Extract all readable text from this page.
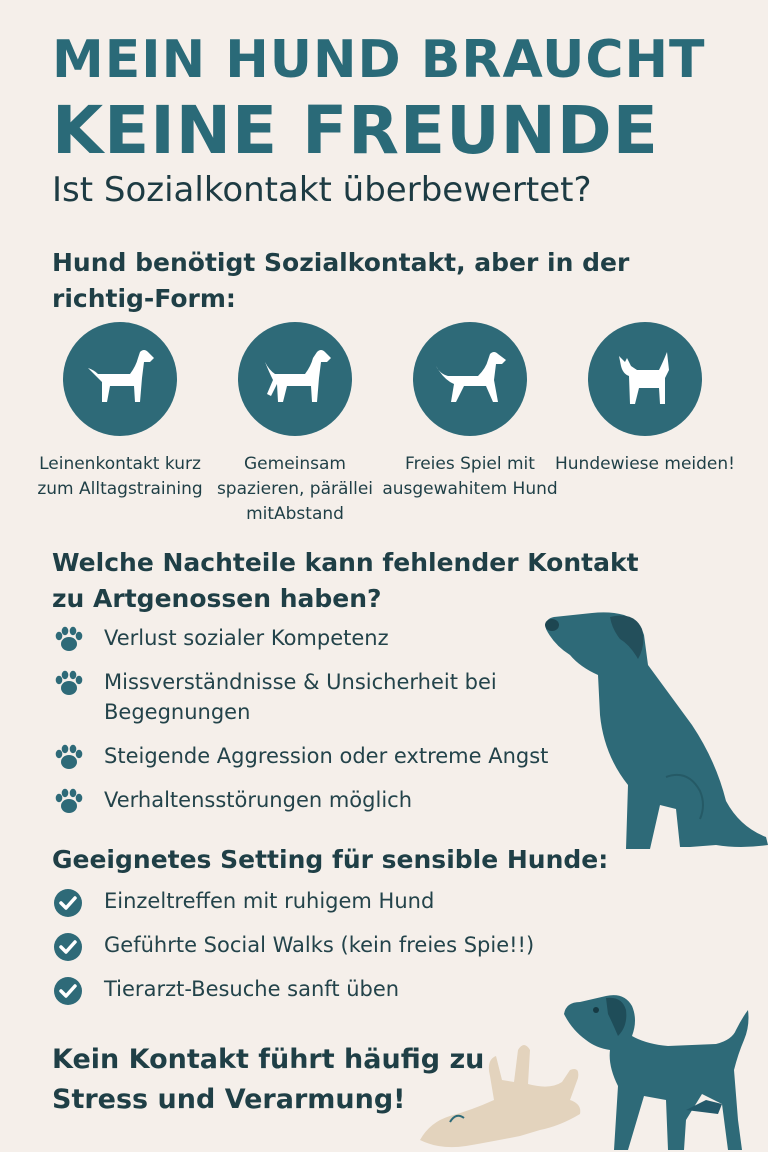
MEIN HUND BRAUCHT
KEINE FREUNDE
Ist Sozialkontakt überbewertet?
Hund benötigt Sozialkontakt, aber in der richtig-Form:
Leinenkontakt kurz zum Alltagstraining
Gemeinsam spazieren, pärällei mitAbstand
Freies Spiel mit ausgewahitem Hund
Hundewiese meiden!
Welche Nachteile kann fehlender Kontakt zu Artgenossen haben?
Verlust sozialer Kompetenz
Missverständnisse & Unsicherheit bei Begegnungen
Steigende Aggression oder extreme Angst
Verhaltensstörungen möglich
Geeignetes Setting für sensible Hunde:
Einzeltreffen mit ruhigem Hund
Geführte Social Walks (kein freies Spie!!)
Tierarzt-Besuche sanft üben
Kein Kontakt führt häufig zu Stress und Verarmung!
